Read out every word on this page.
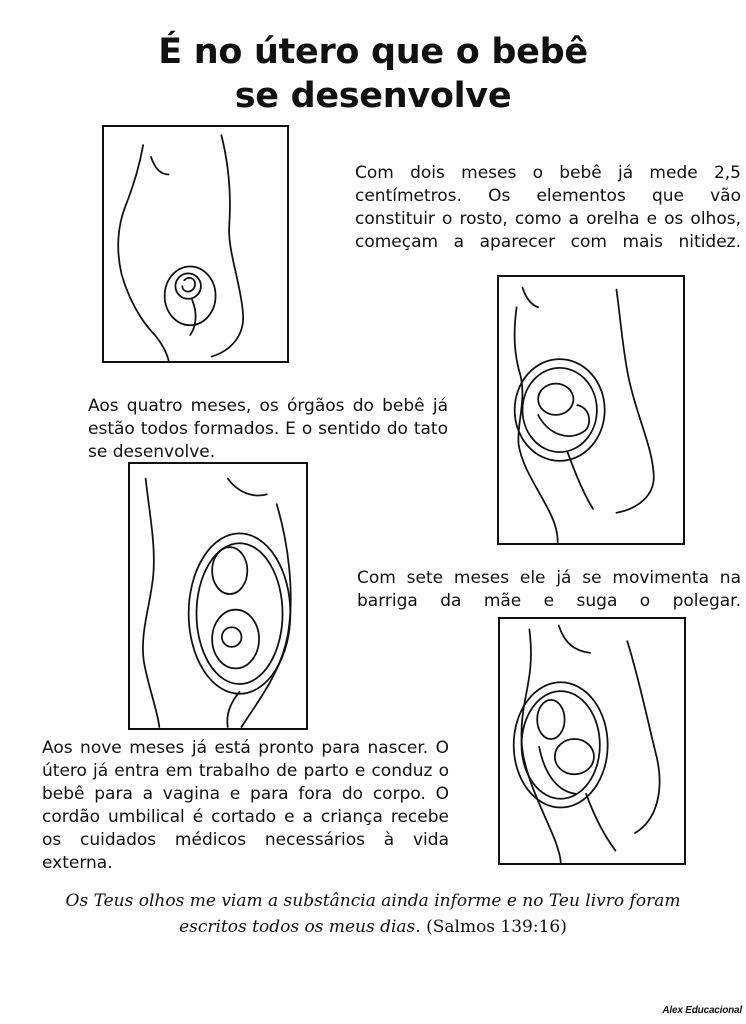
É no útero que o bebê
se desenvolve

Com dois meses o bebê já mede 2,5 centímetros. Os elementos que vão constituir o rosto, como a orelha e os olhos, começam a aparecer com mais nitidez.

Aos quatro meses, os órgãos do bebê já estão todos formados. E o sentido do tato se desenvolve.

Com sete meses ele já se movimenta na barriga da mãe e suga o polegar.

Aos nove meses já está pronto para nascer. O útero já entra em trabalho de parto e conduz o bebê para a vagina e para fora do corpo. O cordão umbilical é cortado e a criança recebe os cuidados médicos necessários à vida externa.

Os Teus olhos me viam a substância ainda informe e no Teu livro foram escritos todos os meus dias. (Salmos 139:16)

Alex Educacional
